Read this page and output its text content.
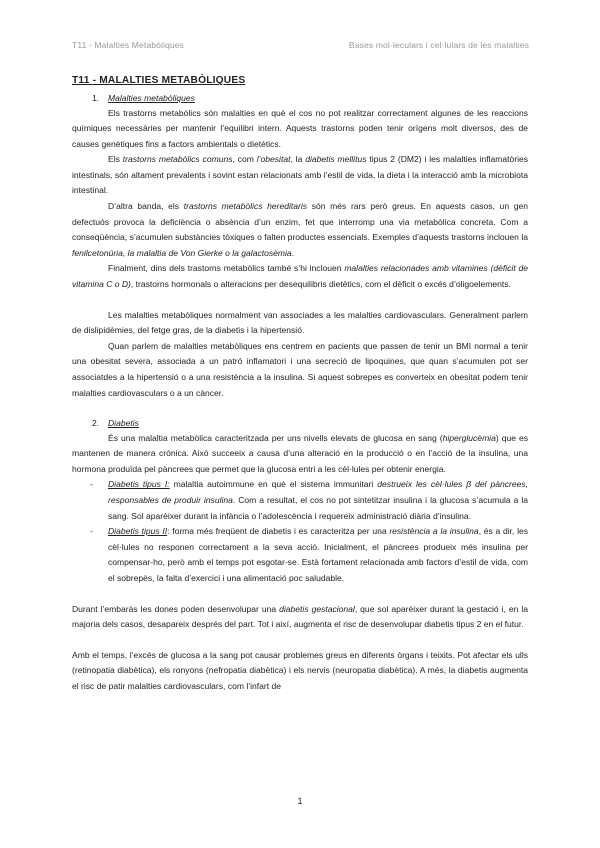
T11 - Malalties Metabòliques	Bases mol·leculars i cel·lulars de les malalties
T11 - MALALTIES METABÒLIQUES
1. Malalties metabòliques

Els trastorns metabòlics són malalties en què el cos no pot realitzar correctament algunes de les reaccions químiques necessàries per mantenir l’equilibri intern. Aquests trastorns poden tenir orígens molt diversos, des de causes genètiques fins a factors ambientals o dietètics.

Els trastorns metabòlics comuns, com l’obesitat, la diabetis mellitus tipus 2 (DM2) i les malalties inflamatòries intestinals, són altament prevalents i sovint estan relacionats amb l’estil de vida, la dieta i la interacció amb la microbiota intestinal.

D’altra banda, els trastorns metabòlics hereditaris són més rars però greus. En aquests casos, un gen defectuós provoca la deficiència o absència d’un enzim, fet que interromp una via metabòlica concreta. Com a conseqüència, s’acumulen substàncies tòxiques o falten productes essencials. Exemples d’aquests trastorns inclouen la fenilcetonúria, la malaltia de Von Gierke o la galactosèmia.

Finalment, dins dels trastorns metabòlics també s’hi inclouen malalties relacionades amb vitamines (dèficit de vitamina C o D), trastorns hormonals o alteracions per desequilibris dietètics, com el dèficit o excés d’oligoelements.

Les malalties metabòliques normalment van associades a les malalties cardiovasculars. Generalment parlem de dislipidèmies, del fetge gras, de la diabetis i la hipertensió.

Quan parlem de malalties metabòliques ens centrem en pacients que passen de tenir un BMI normal a tenir una obesitat severa, associada a un patró inflamatori i una secreció de lipoquines, que quan s’acumulen pot ser associatdes a la hipertensió o a una resistència a la insulina. Si aquest sobrepes es converteix en obesitat podem tenir malalties cardiovasculars o a un càncer.

2. Diabetis

És una malaltia metabòlica caracteritzada per uns nivells elevats de glucosa en sang (hiperglucèmia) que es mantenen de manera crònica. Això succeeix a causa d’una alteració en la producció o en l’acció de la insulina, una hormona produïda pel pàncrees que permet que la glucosa entri a les cèl·lules per obtenir energia.

- Diabetis tipus I: malaltia autoimmune en què el sistema immunitari destrueix les cèl·lules β del pàncrees, responsables de produir insulina. Com a resultat, el cos no pot sintetitzar insulina i la glucosa s’acumula a la sang. Sol aparèixer durant la infància o l’adolescència i requereix administració diària d’insulina.
- Diabetis tipus II: forma més freqüent de diabetis i es caracteritza per una resistència a la insulina, és a dir, les cèl·lules no responen correctament a la seva acció. Inicialment, el pàncrees produeix més insulina per compensar-ho, però amb el temps pot esgotar-se. Està fortament relacionada amb factors d’estil de vida, com el sobrepès, la falta d’exercici i una alimentació poc saludable.

Durant l’embaràs les dones poden desenvolupar una diabetis gestacional, que sol aparèixer durant la gestació i, en la majoria dels casos, desapareix després del part. Tot i així, augmenta el risc de desenvolupar diabetis tipus 2 en el futur.

Amb el temps, l’excés de glucosa a la sang pot causar problemes greus en diferents òrgans i teixits. Pot afectar els ulls (retinopatia diabètica), els ronyons (nefropatia diabètica) i els nervis (neuropatia diabètica). A més, la diabetis augmenta el risc de patir malalties cardiovasculars, com l’infart de

1
